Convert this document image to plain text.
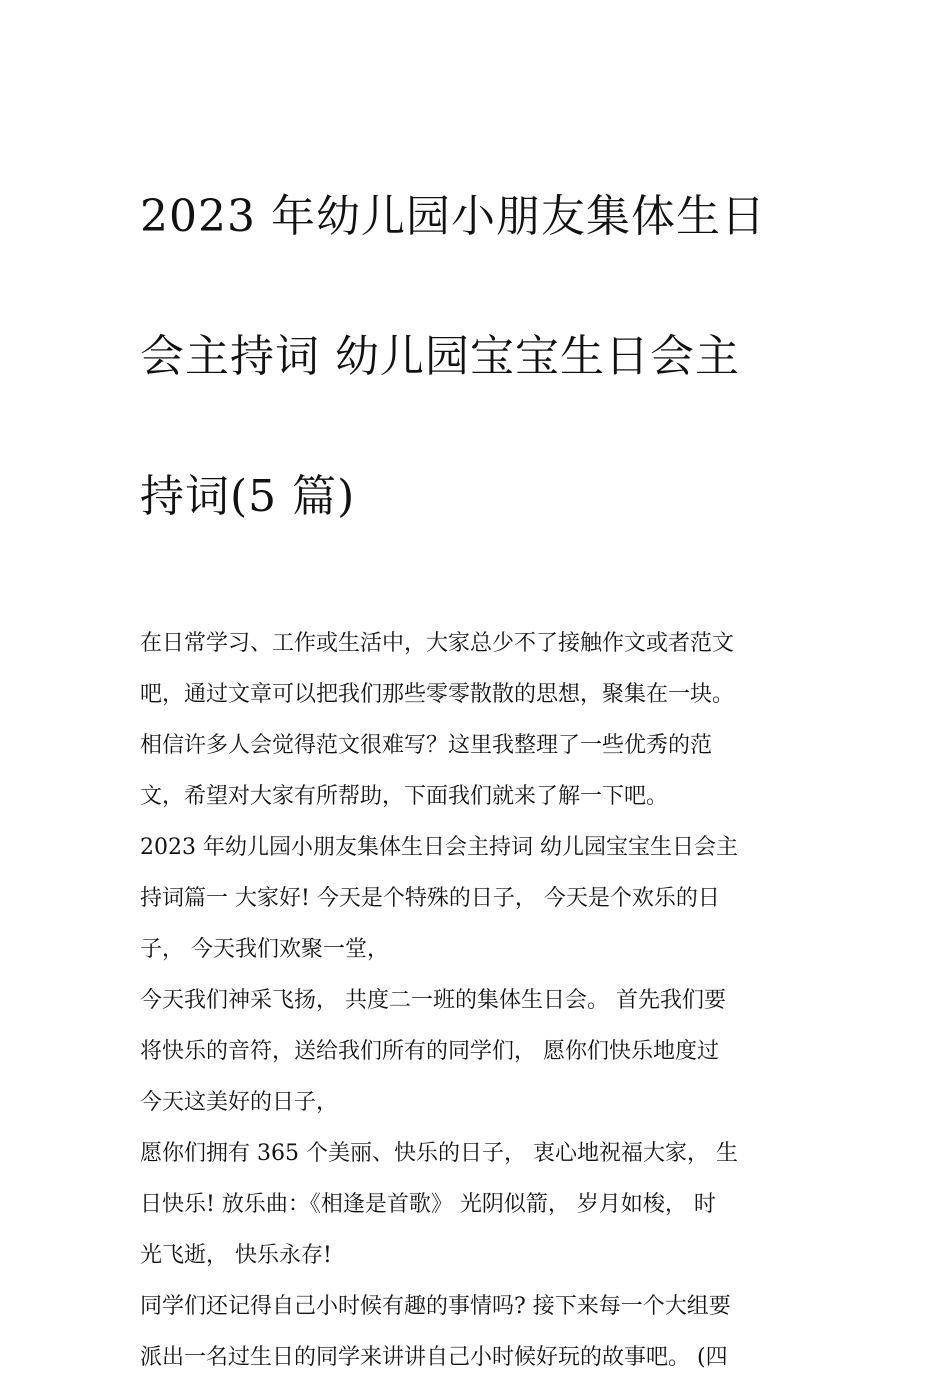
2023 年幼儿园小朋友集体生日

会主持词 幼儿园宝宝生日会主

持词(5 篇)

在日常学习、工作或生活中，大家总少不了接触作文或者范文
吧，通过文章可以把我们那些零零散散的思想，聚集在一块。
相信许多人会觉得范文很难写？这里我整理了一些优秀的范
文，希望对大家有所帮助，下面我们就来了解一下吧。

2023 年幼儿园小朋友集体生日会主持词 幼儿园宝宝生日会主
持词篇一 大家好! 今天是个特殊的日子， 今天是个欢乐的日
子， 今天我们欢聚一堂，

今天我们神采飞扬， 共度二一班的集体生日会。 首先我们要
将快乐的音符，送给我们所有的同学们， 愿你们快乐地度过
今天这美好的日子，

愿你们拥有 365 个美丽、快乐的日子， 衷心地祝福大家， 生
日快乐! 放乐曲：《相逢是首歌》 光阴似箭， 岁月如梭， 时
光飞逝， 快乐永存!

同学们还记得自己小时候有趣的事情吗? 接下来每一个大组要
派出一名过生日的同学来讲讲自己小时候好玩的故事吧。 (四
